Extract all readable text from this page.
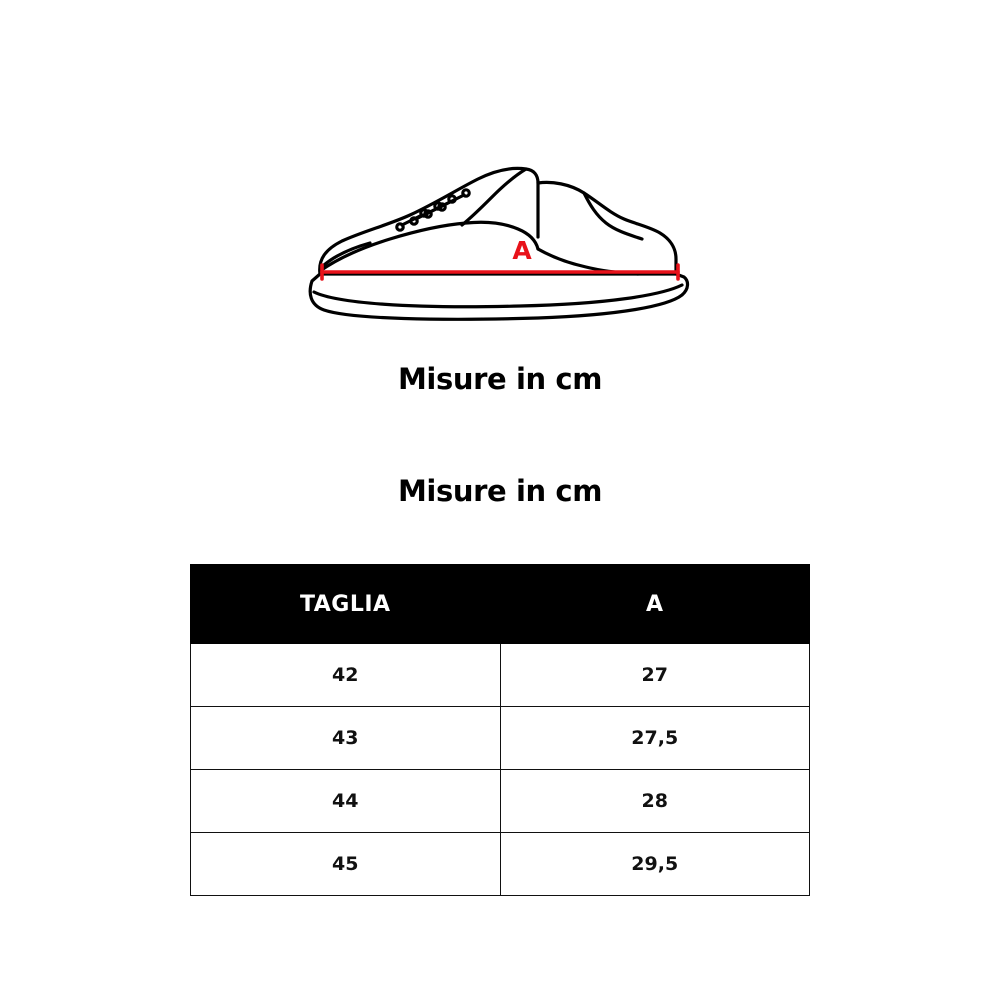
A
Misure in cm
Misure in cm
TAGLIA	A
42	27
43	27,5
44	28
45	29,5
